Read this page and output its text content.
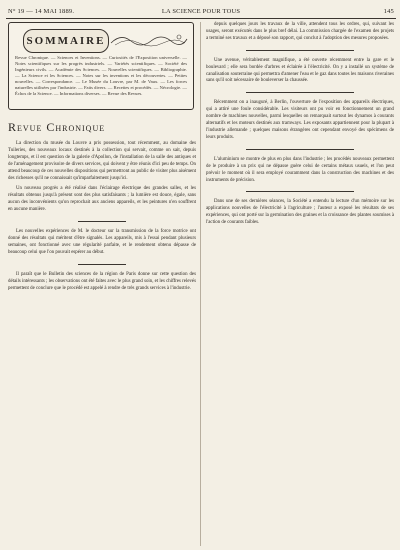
N° 19 — 14 MAI 1889.	LA SCIENCE POUR TOUS	145
SOMMAIRE
Revue Chronique. — Sciences et Inventions. — Curiosités de l'Exposition universelle. — Notes scientifiques sur les progrès industriels. — Variétés scientifiques. — Société des Ingénieurs civils. — Académie des Sciences. — Nouvelles scientifiques. — Bibliographie. — La Science et les Sciences. — Notes sur les inventions et les découvertes. — Petites nouvelles. — Correspondance. — Le Musée du Louvre, par M. de Vaux. — Les forces naturelles utilisées par l'industrie. — Faits divers. — Recettes et procédés. — Nécrologie. — Échos de la Science. — Informations diverses. — Revue des Revues.
Revue Chronique

La direction du musée du Louvre a pris possession, tout récemment, au domaine des Tuileries, des nouveaux locaux destinés à la collection qui servait, comme on sait, depuis longtemps, et il est question de la galerie d'Apollon, de l'installation de la salle des antiques et de l'aménagement provisoire de divers services, qui doivent y être réunis d'ici peu de temps. On attend beaucoup de ces nouvelles dispositions qui permettront au public de visiter plus aisément des richesses qu'il ne connaissait qu'imparfaitement jusqu'ici.

Un nouveau progrès a été réalisé dans l'éclairage électrique des grandes salles, et les résultats obtenus jusqu'à présent sont des plus satisfaisants ; la lumière est douce, égale, sans aucun des inconvénients qu'on reprochait aux anciens appareils, et les peintures n'en souffrent en aucune manière.

Les nouvelles expériences de M. le docteur sur la transmission de la force motrice ont donné des résultats qui méritent d'être signalés. Les appareils, mis à l'essai pendant plusieurs semaines, ont fonctionné avec une régularité parfaite, et le rendement obtenu dépasse de beaucoup celui que l'on pouvait espérer au début.

Il paraît que le Bulletin des sciences de la région de Paris donne sur cette question des détails intéressants ; les observations ont été faites avec le plus grand soin, et les chiffres relevés permettent de conclure que le procédé est appelé à rendre de très grands services à l'industrie.

depuis quelques jours les travaux de la ville, attendent tous les ordres, qui, suivant les usages, seront exécutés dans le plus bref délai. La commission chargée de l'examen des projets a terminé ses travaux et a déposé son rapport, qui conclut à l'adoption des mesures proposées.

Une avenue, véritablement magnifique, a été ouverte récemment entre la gare et le boulevard ; elle sera bordée d'arbres et éclairée à l'électricité. On y a installé un système de canalisation souterraine qui permettra d'amener l'eau et le gaz dans toutes les maisons riveraines sans qu'il soit nécessaire de bouleverser la chaussée.

Récemment on a inauguré, à Berlin, l'ouverture de l'exposition des appareils électriques, qui a attiré une foule considérable. Les visiteurs ont pu voir en fonctionnement un grand nombre de machines nouvelles, parmi lesquelles on remarquait surtout les dynamos à courants alternatifs et les moteurs destinés aux tramways. Les exposants appartiennent pour la plupart à l'industrie allemande ; quelques maisons étrangères ont cependant envoyé des spécimens de leurs produits.

L'aluminium se montre de plus en plus dans l'industrie ; les procédés nouveaux permettent de le produire à un prix qui ne dépasse guère celui de certains métaux usuels, et l'on peut prévoir le moment où il sera employé couramment dans la construction des machines et des instruments de précision.

Dans une de ses dernières séances, la Société a entendu la lecture d'un mémoire sur les applications nouvelles de l'électricité à l'agriculture ; l'auteur a exposé les résultats de ses expériences, qui ont porté sur la germination des graines et la croissance des plantes soumises à l'action de courants faibles.
